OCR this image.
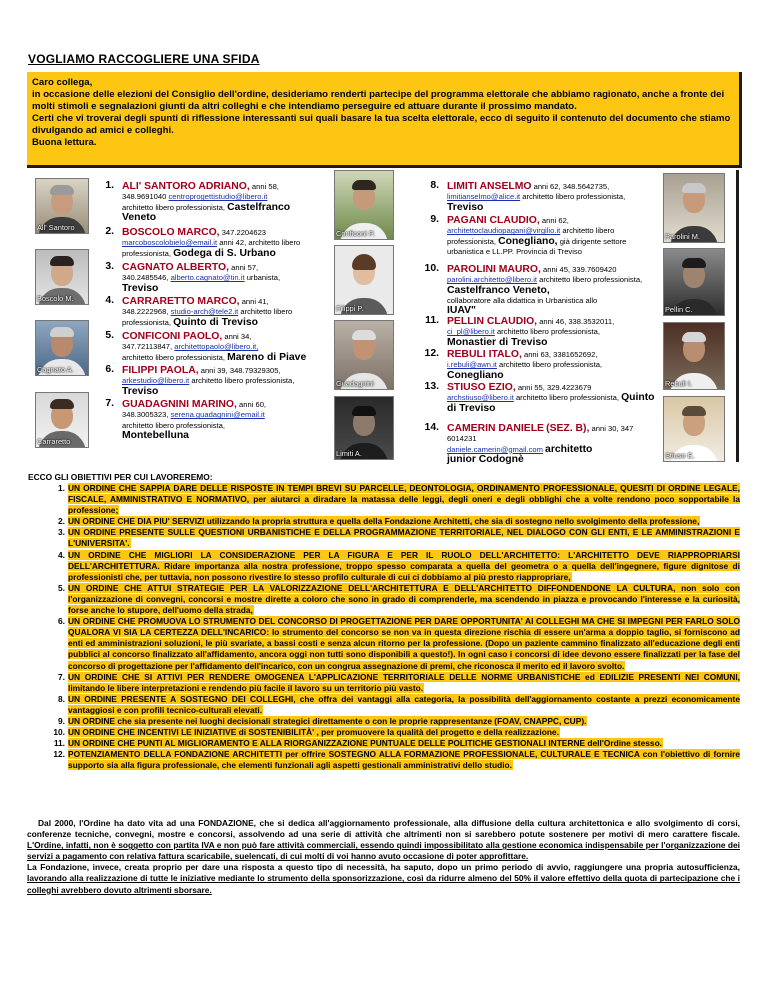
VOGLIAMO RACCOGLIERE UNA SFIDA
Caro collega,
in occasione delle elezioni del Consiglio dell'ordine, desideriamo renderti partecipe del programma elettorale che abbiamo ragionato, anche a fronte dei molti stimoli e segnalazioni giunti da altri colleghi e che intendiamo perseguire ed attuare durante il prossimo mandato.
Certi che vi troverai degli spunti di riflessione interessanti sui quali basare la tua scelta elettorale, ecco di seguito il contenuto del documento che stiamo divulgando ad amici e colleghi.
Buona lettura.
All' Santoro
Boscolo M.
Cagnato A.
Carraretto
1. ALI' SANTORO ADRIANO, anni 58,
348.9691040 centroprogettistudio@libero.it
architetto libero professionista, Castelfranco Veneto
2. BOSCOLO MARCO, 347.2204623
marcoboscolobielo@email.it anni 42, architetto libero professionista, Godega di S. Urbano
3. CAGNATO ALBERTO, anni 57,
340.2485546, alberto.cagnato@tin.it urbanista,
Treviso
4. CARRARETTO MARCO, anni 41,
348.2222968, studio-arch@tele2.it architetto libero professionista, Quinto di Treviso
5. CONFICONI PAOLO, anni 34,
347.72113847, architettopaolo@libero.it,
architetto libero professionista, Mareno di Piave
6. FILIPPI PAOLA, anni 39, 348.79329305,
arkestudio@libero.it architetto libero professionista, Treviso
7. GUADAGNINI MARINO, anni 60,
348.3005323, serena.guadagnini@email.it
architetto libero professionista,
Montebelluna
Conficoni P.
Filippi P.
Guadagnini
Limiti A.
8. LIMITI ANSELMO anni 62, 348.5642735,
limitianselmo@alice.it architetto libero professionista, Treviso
9. PAGANI CLAUDIO, anni 62,
architettoclaudiopagani@virgilio.it architetto libero professionista, Conegliano, già dirigente settore urbanistica e LL.PP. Provincia di Treviso
10. PAROLINI MAURO, anni 45, 339.7609420
parolini.architetto@libero.it architetto libero professionista, Castelfranco Veneto,
collaboratore alla didattica in Urbanistica allo
IUAV"
11. PELLIN CLAUDIO, anni 46, 338.3532011,
ci_pl@libero.it architetto libero professionista,
Monastier di Treviso
12. REBULI ITALO, anni 63, 3381652692,
i.rebuli@awn.it architetto libero professionista,
Conegliano
13. STIUSO EZIO, anni 55, 329.4223679
archstiuso@libero.it architetto libero professionista, Quinto di Treviso
14. CAMERIN DANIELE (SEZ. B), anni 30, 347 6014231
daniele.camerin@gmail.com architetto
junior Codognè
Parolini M.
Pellin C.
Rebuli I.
Stiuso E.
ECCO GLI OBIETTIVI PER CUI LAVOREREMO:
1. UN ORDINE CHE SAPPIA DARE DELLE RISPOSTE IN TEMPI BREVI SU PARCELLE, DEONTOLOGIA, ORDINAMENTO PROFESSIONALE, QUESITI DI ORDINE LEGALE, FISCALE, AMMINISTRATIVO E NORMATIVO, per aiutarci a diradare la matassa delle leggi, degli oneri e degli obblighi che a volte rendono poco sopportabile la professione;
2. UN ORDINE CHE DIA PIU' SERVIZI utilizzando la propria struttura e quella della Fondazione Architetti, che sia di sostegno nello svolgimento della professione,
3. UN ORDINE PRESENTE SULLE QUESTIONI URBANISTICHE E DELLA PROGRAMMAZIONE TERRITORIALE, NEL DIALOGO CON GLI ENTI, E LE AMMINISTRAZIONI E L'UNIVERSITA'.
4. UN ORDINE CHE MIGLIORI LA CONSIDERAZIONE PER LA FIGURA E PER IL RUOLO DELL'ARCHITETTO: L'ARCHITETTO DEVE RIAPPROPRIARSI DELL'ARCHITETTURA. Ridare importanza alla nostra professione, troppo spesso comparata a quella del geometra o a quella dell'ingegnere, figure dignitose di professionisti che, per tuttavia, non possono rivestire lo stesso profilo culturale di cui ci dobbiamo al più presto riappropriare,
5. UN ORDINE CHE ATTUI STRATEGIE PER LA VALORIZZAZIONE DELL'ARCHITETTURA E DELL'ARCHITETTO DIFFONDENDONE LA CULTURA, non solo con l'organizzazione di convegni, concorsi e mostre dirette a coloro che sono in grado di comprenderle, ma scendendo in piazza e provocando l'interesse e la curiosità, forse anche lo stupore, dell'uomo della strada,
6. UN ORDINE CHE PROMUOVA LO STRUMENTO DEL CONCORSO DI PROGETTAZIONE PER DARE OPPORTUNITA' AI COLLEGHI MA CHE SI IMPEGNI PER FARLO SOLO QUALORA VI SIA LA CERTEZZA DELL'INCARICO: lo strumento del concorso se non va in questa direzione rischia di essere un'arma a doppio taglio, si forniscono ad enti ed amministrazioni soluzioni, le più svariate, a bassi costi e senza alcun ritorno per la professione. (Dopo un paziente cammino finalizzato all'educazione degli enti pubblici al concorso finalizzato all'affidamento, ancora oggi non tutti sono disponibili a questo!). In ogni caso i concorsi di idee devono essere finalizzati per la fase del concorso di progettazione per l'affidamento dell'incarico, con un congrua assegnazione di premi, che riconosca il merito ed il lavoro svolto.
7. UN ORDINE CHE SI ATTIVI PER RENDERE OMOGENEA L'APPLICAZIONE TERRITORIALE DELLE NORME URBANISTICHE ed EDILIZIE PRESENTI NEI COMUNI, limitando le libere interpretazioni e rendendo più facile il lavoro su un territorio più vasto.
8. UN ORDINE PRESENTE A SOSTEGNO DEI COLLEGHI, che offra dei vantaggi alla categoria, la possibilità dell'aggiornamento costante a prezzi economicamente vantaggiosi e con profili tecnico-culturali elevati.
9. UN ORDINE che sia presente nei luoghi decisionali strategici direttamente o con le proprie rappresentanze (FOAV, CNAPPC, CUP).
10. UN ORDINE CHE INCENTIVI LE INIZIATIVE di SOSTENIBILITÀ' , per promuovere la qualità del progetto e della realizzazione.
11. UN ORDINE CHE PUNTI AL MIGLIORAMENTO E ALLA RIORGANIZZAZIONE PUNTUALE DELLE POLITICHE GESTIONALI INTERNE dell'Ordine stesso.
12. POTENZIAMENTO DELLA FONDAZIONE ARCHITETTI per offrire SOSTEGNO ALLA FORMAZIONE PROFESSIONALE, CULTURALE E TECNICA con l'obiettivo di fornire supporto sia alla figura professionale, che elementi funzionali agli aspetti gestionali amministrativi dello studio.

Dal 2000, l'Ordine ha dato vita ad una FONDAZIONE, che si dedica all'aggiornamento professionale, alla diffusione della cultura architettonica e allo svolgimento di corsi, conferenze tecniche, convegni, mostre e concorsi, assolvendo ad una serie di attività che altrimenti non si sarebbero potute sostenere per motivi di mero carattere fiscale. L'Ordine, infatti, non è soggetto con partita IVA e non può fare attività commerciali, essendo quindi impossibilitato alla gestione economica indispensabile per l'organizzazione dei servizi a pagamento con relativa fattura scaricabile, suelencati, di cui molti di voi hanno avuto occasione di poter approfittare.

La Fondazione, invece, creata proprio per dare una risposta a questo tipo di necessità, ha saputo, dopo un primo periodo di avvio, raggiungere una propria autosufficienza, lavorando alla realizzazione di tutte le iniziative mediante lo strumento della sponsorizzazione, così da ridurre almeno del 50% il valore effettivo della quota di partecipazione che i colleghi avrebbero dovuto altrimenti sborsare.
